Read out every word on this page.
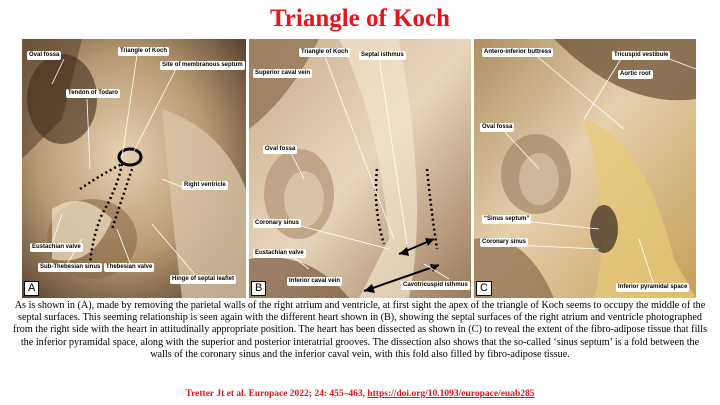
Triangle of Koch
Oval fossa
Triangle of Koch
Site of membranous septum
Tendon of Todaro
Right ventricle
Eustachian valve
Sub-Thebesian sinus Thebesian valve
Hinge of septal leaflet
A
Triangle of Koch	Septal isthmus
Superior caval vein
Oval fossa
Coronary sinus
Eustachian valve
Inferior caval vein
Cavotricuspid isthmus
B
Antero-inferior buttress	Tricuspid vestibule
Aortic root
Oval fossa
“Sinus septum”
Coronary sinus
Inferior pyramidal space
C
As is shown in (A), made by removing the parietal walls of the right atrium and ventricle, at first sight the apex of the triangle of Koch seems to occupy the middle of the septal surfaces. This seeming relationship is seen again with the different heart shown in (B), showing the septal surfaces of the right atrium and ventricle photographed from the right side with the heart in attitudinally appropriate position. The heart has been dissected as shown in (C) to reveal the extent of the fibro-adipose tissue that fills the inferior pyramidal space, along with the superior and posterior interatrial grooves. The dissection also shows that the so-called ‘sinus septum’ is a fold between the walls of the coronary sinus and the inferior caval vein, with this fold also filled by fibro-adipose tissue.
Tretter Jt et al. Europace 2022; 24: 455–463, https://doi.org/10.1093/europace/euab285
